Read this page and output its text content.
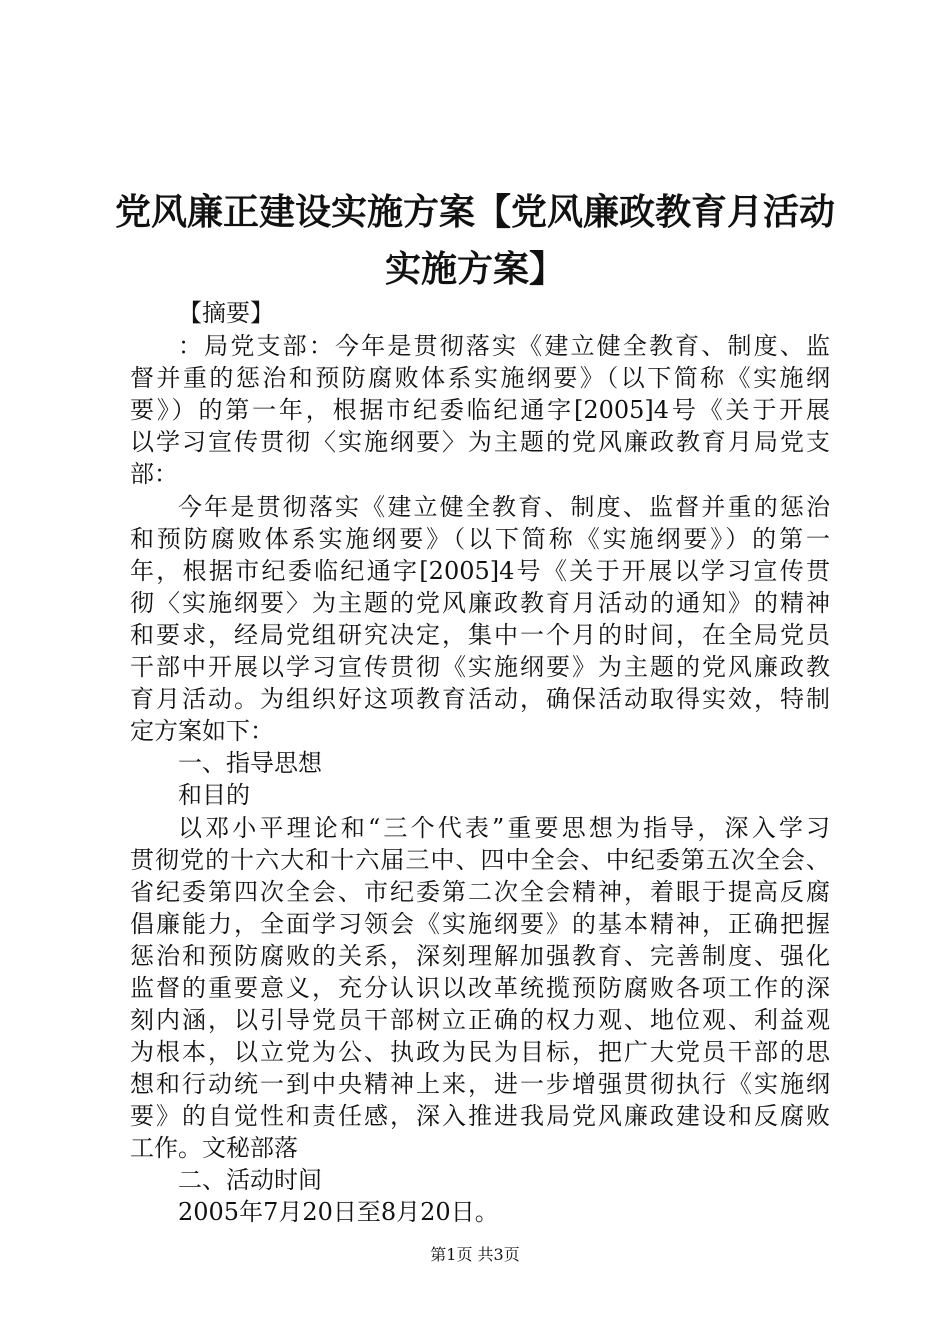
党风廉正建设实施方案【党风廉政教育月活动
实施方案】
【摘要】
：局党支部：今年是贯彻落实《建立健全教育、制度、监
督并重的惩治和预防腐败体系实施纲要》（以下简称《实施纲
要》）的第一年，根据市纪委临纪通字[2005]4号《关于开展
以学习宣传贯彻〈实施纲要〉为主题的党风廉政教育月局党支
部：
今年是贯彻落实《建立健全教育、制度、监督并重的惩治
和预防腐败体系实施纲要》（以下简称《实施纲要》）的第一
年，根据市纪委临纪通字[2005]4号《关于开展以学习宣传贯
彻〈实施纲要〉为主题的党风廉政教育月活动的通知》的精神
和要求，经局党组研究决定，集中一个月的时间，在全局党员
干部中开展以学习宣传贯彻《实施纲要》为主题的党风廉政教
育月活动。为组织好这项教育活动，确保活动取得实效，特制
定方案如下：
一、指导思想
和目的
以邓小平理论和“三个代表”重要思想为指导，深入学习
贯彻党的十六大和十六届三中、四中全会、中纪委第五次全会、
省纪委第四次全会、市纪委第二次全会精神，着眼于提高反腐
倡廉能力，全面学习领会《实施纲要》的基本精神，正确把握
惩治和预防腐败的关系，深刻理解加强教育、完善制度、强化
监督的重要意义，充分认识以改革统揽预防腐败各项工作的深
刻内涵，以引导党员干部树立正确的权力观、地位观、利益观
为根本，以立党为公、执政为民为目标，把广大党员干部的思
想和行动统一到中央精神上来，进一步增强贯彻执行《实施纲
要》的自觉性和责任感，深入推进我局党风廉政建设和反腐败
工作。文秘部落
二、活动时间
2005年7月20日至8月20日。
第1页 共3页
